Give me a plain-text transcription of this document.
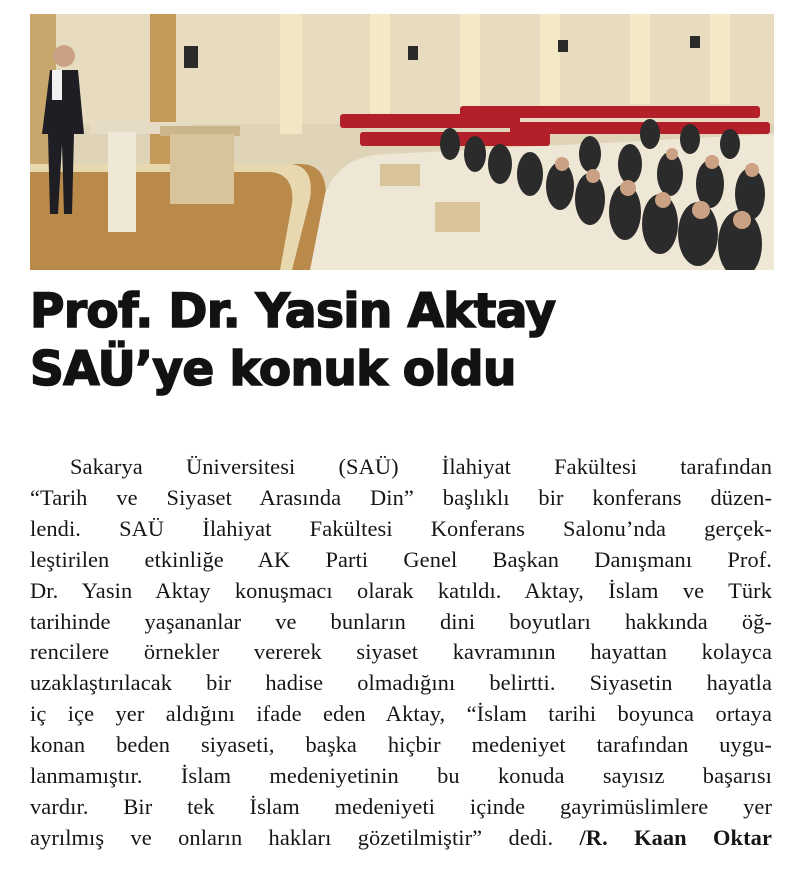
Prof. Dr. Yasin Aktay
SAÜ’ye konuk oldu
Sakarya Üniversitesi (SAÜ) İlahiyat Fakültesi tarafından
“Tarih ve Siyaset Arasında Din” başlıklı bir konferans düzen-
lendi. SAÜ İlahiyat Fakültesi Konferans Salonu’nda gerçek-
leştirilen etkinliğe AK Parti Genel Başkan Danışmanı Prof.
Dr. Yasin Aktay konuşmacı olarak katıldı. Aktay, İslam ve Türk
tarihinde yaşananlar ve bunların dini boyutları hakkında öğ-
rencilere örnekler vererek siyaset kavramının hayattan kolayca
uzaklaştırılacak bir hadise olmadığını belirtti. Siyasetin hayatla
iç içe yer aldığını ifade eden Aktay, “İslam tarihi boyunca ortaya
konan beden siyaseti, başka hiçbir medeniyet tarafından uygu-
lanmamıştır. İslam medeniyetinin bu konuda sayısız başarısı
vardır. Bir tek İslam medeniyeti içinde gayrimüslimlere yer
ayrılmış ve onların hakları gözetilmiştir” dedi. /R. Kaan Oktar
